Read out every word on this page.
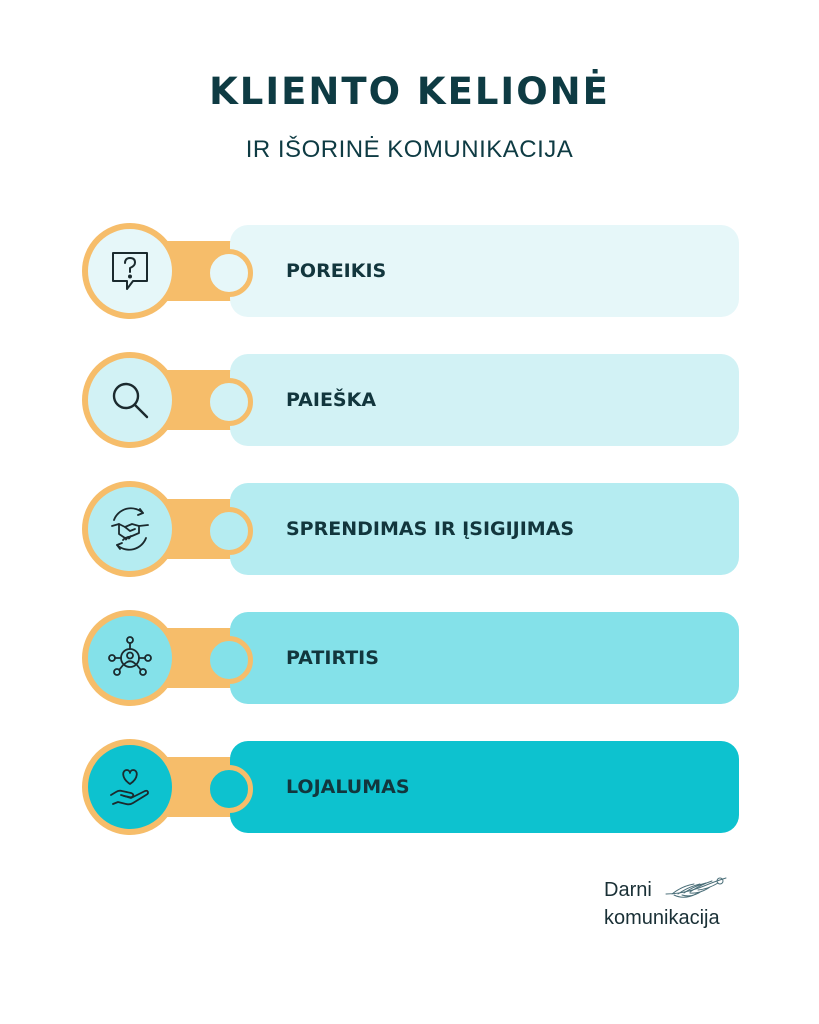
KLIENTO KELIONĖ
IR IŠORINĖ KOMUNIKACIJA
POREIKIS
PAIEŠKA
SPRENDIMAS IR ĮSIGIJIMAS
PATIRTIS
LOJALUMAS
Darni
komunikacija
